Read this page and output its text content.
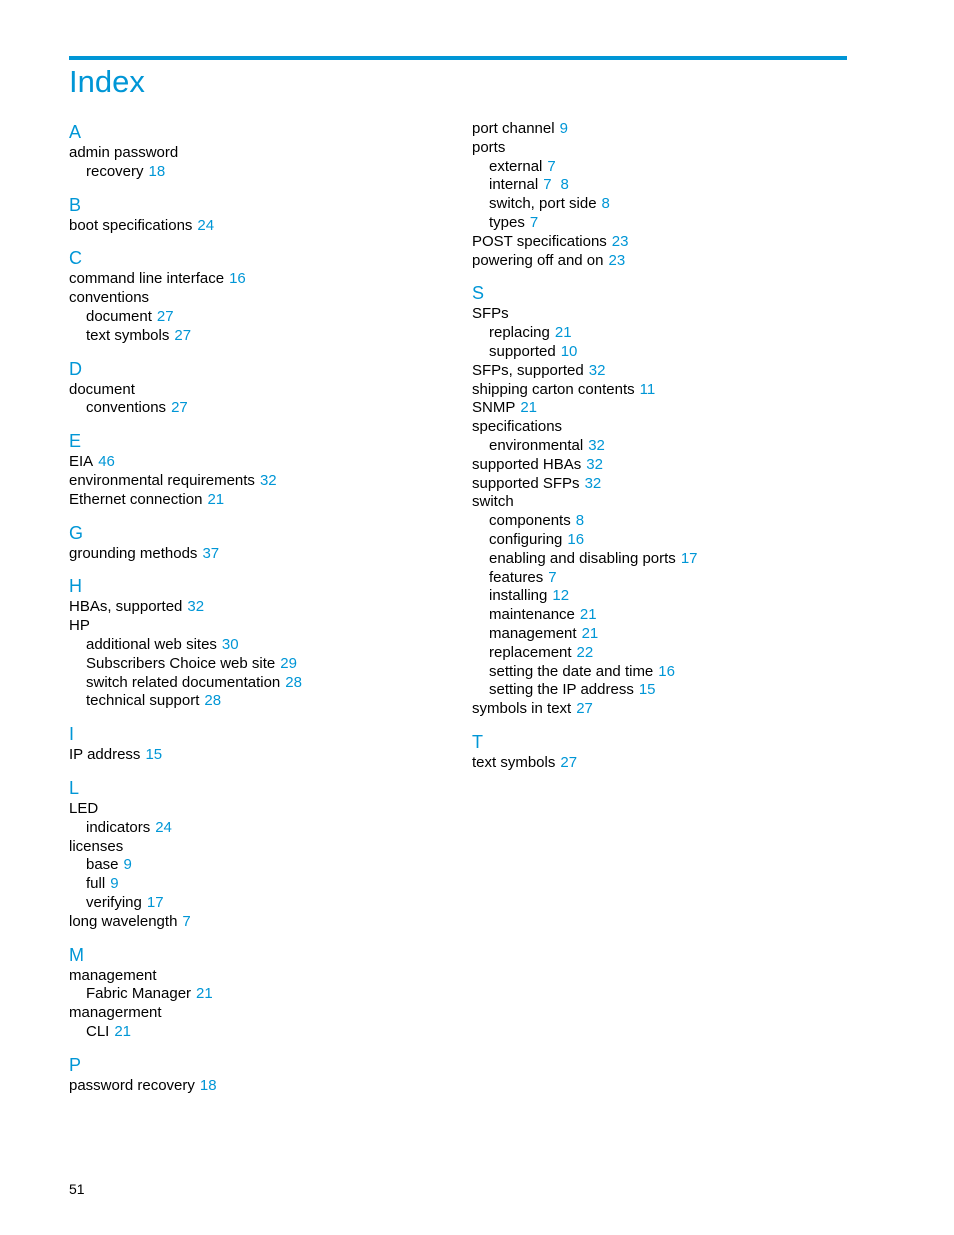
Index
A
admin password
recovery 18
B
boot specifications 24
C
command line interface 16
conventions
document 27
text symbols 27
D
document
conventions 27
E
EIA 46
environmental requirements 32
Ethernet connection 21
G
grounding methods 37
H
HBAs, supported 32
HP
additional web sites 30
Subscribers Choice web site 29
switch related documentation 28
technical support 28
I
IP address 15
L
LED
indicators 24
licenses
base 9
full 9
verifying 17
long wavelength 7
M
management
Fabric Manager 21
managerment
CLI 21
P
password recovery 18
port channel 9
ports
external 7
internal 7 8
switch, port side 8
types 7
POST specifications 23
powering off and on 23
S
SFPs
replacing 21
supported 10
SFPs, supported 32
shipping carton contents 11
SNMP 21
specifications
environmental 32
supported HBAs 32
supported SFPs 32
switch
components 8
configuring 16
enabling and disabling ports 17
features 7
installing 12
maintenance 21
management 21
replacement 22
setting the date and time 16
setting the IP address 15
symbols in text 27
T
text symbols 27
51
